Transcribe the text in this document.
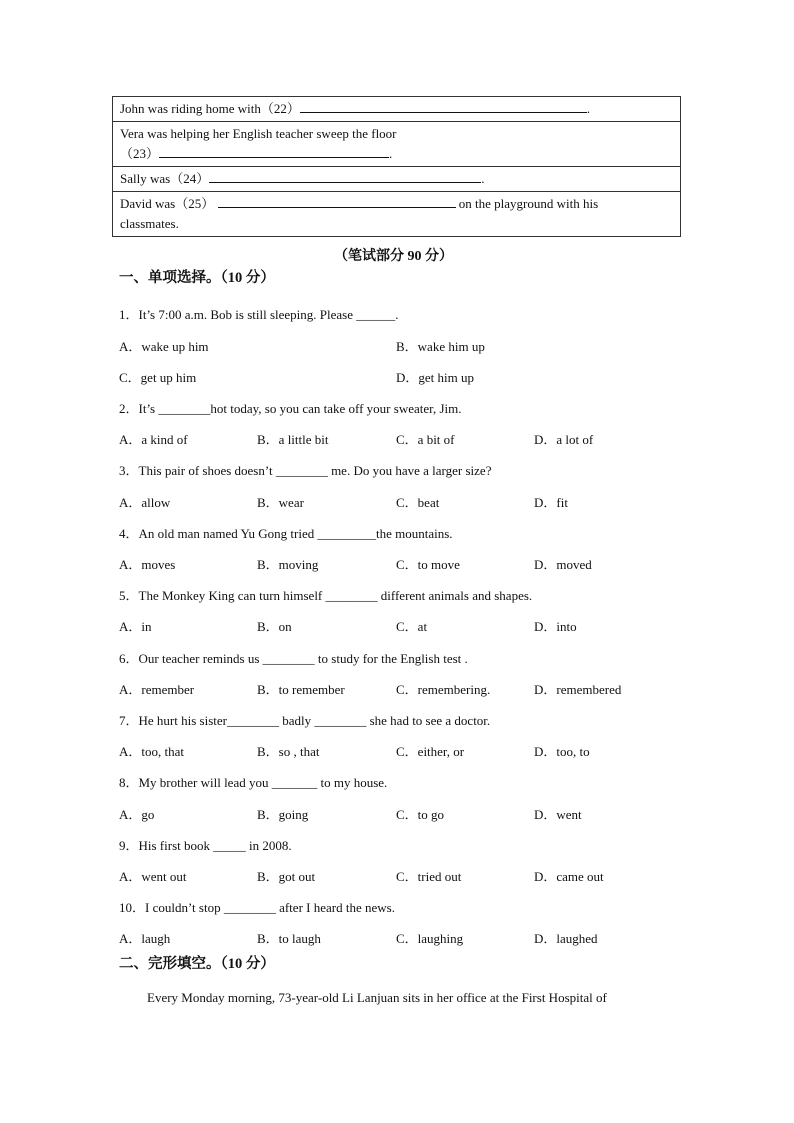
John was riding home with（22）	.

Vera was helping her English teacher sweep the floor
（23）	.

Sally was（24）	.

David was（25）	on the playground with his
classmates.
（笔试部分 90 分）
一、单项选择。（10 分）
1．It’s 7:00 a.m. Bob is still sleeping. Please ______.
A．wake up him	B．wake him up
C．get up him	D．get him up
2．It’s ________hot today, so you can take off your sweater, Jim.
A．a kind of	B．a little bit	C．a bit of	D．a lot of
3．This pair of shoes doesn’t ________ me. Do you have a larger size?
A．allow	B．wear	C．beat	D．fit
4．An old man named Yu Gong tried _________the mountains.
A．moves	B．moving	C．to move	D．moved
5．The Monkey King can turn himself ________ different animals and shapes.
A．in	B．on	C．at	D．into
6．Our teacher reminds us ________ to study for the English test .
A．remember	B．to remember	C．remembering.	D．remembered
7．He hurt his sister________ badly ________ she had to see a doctor.
A．too, that	B．so , that	C．either, or	D．too, to
8．My brother will lead you _______ to my house.
A．go	B．going	C．to go	D．went
9．His first book _____ in 2008.
A．went out	B．got out	C．tried out	D．came out
10．I couldn’t stop ________ after I heard the news.
A．laugh	B．to laugh	C．laughing	D．laughed
二、完形填空。（10 分）
Every Monday morning, 73-year-old Li Lanjuan sits in her office at the First Hospital of
